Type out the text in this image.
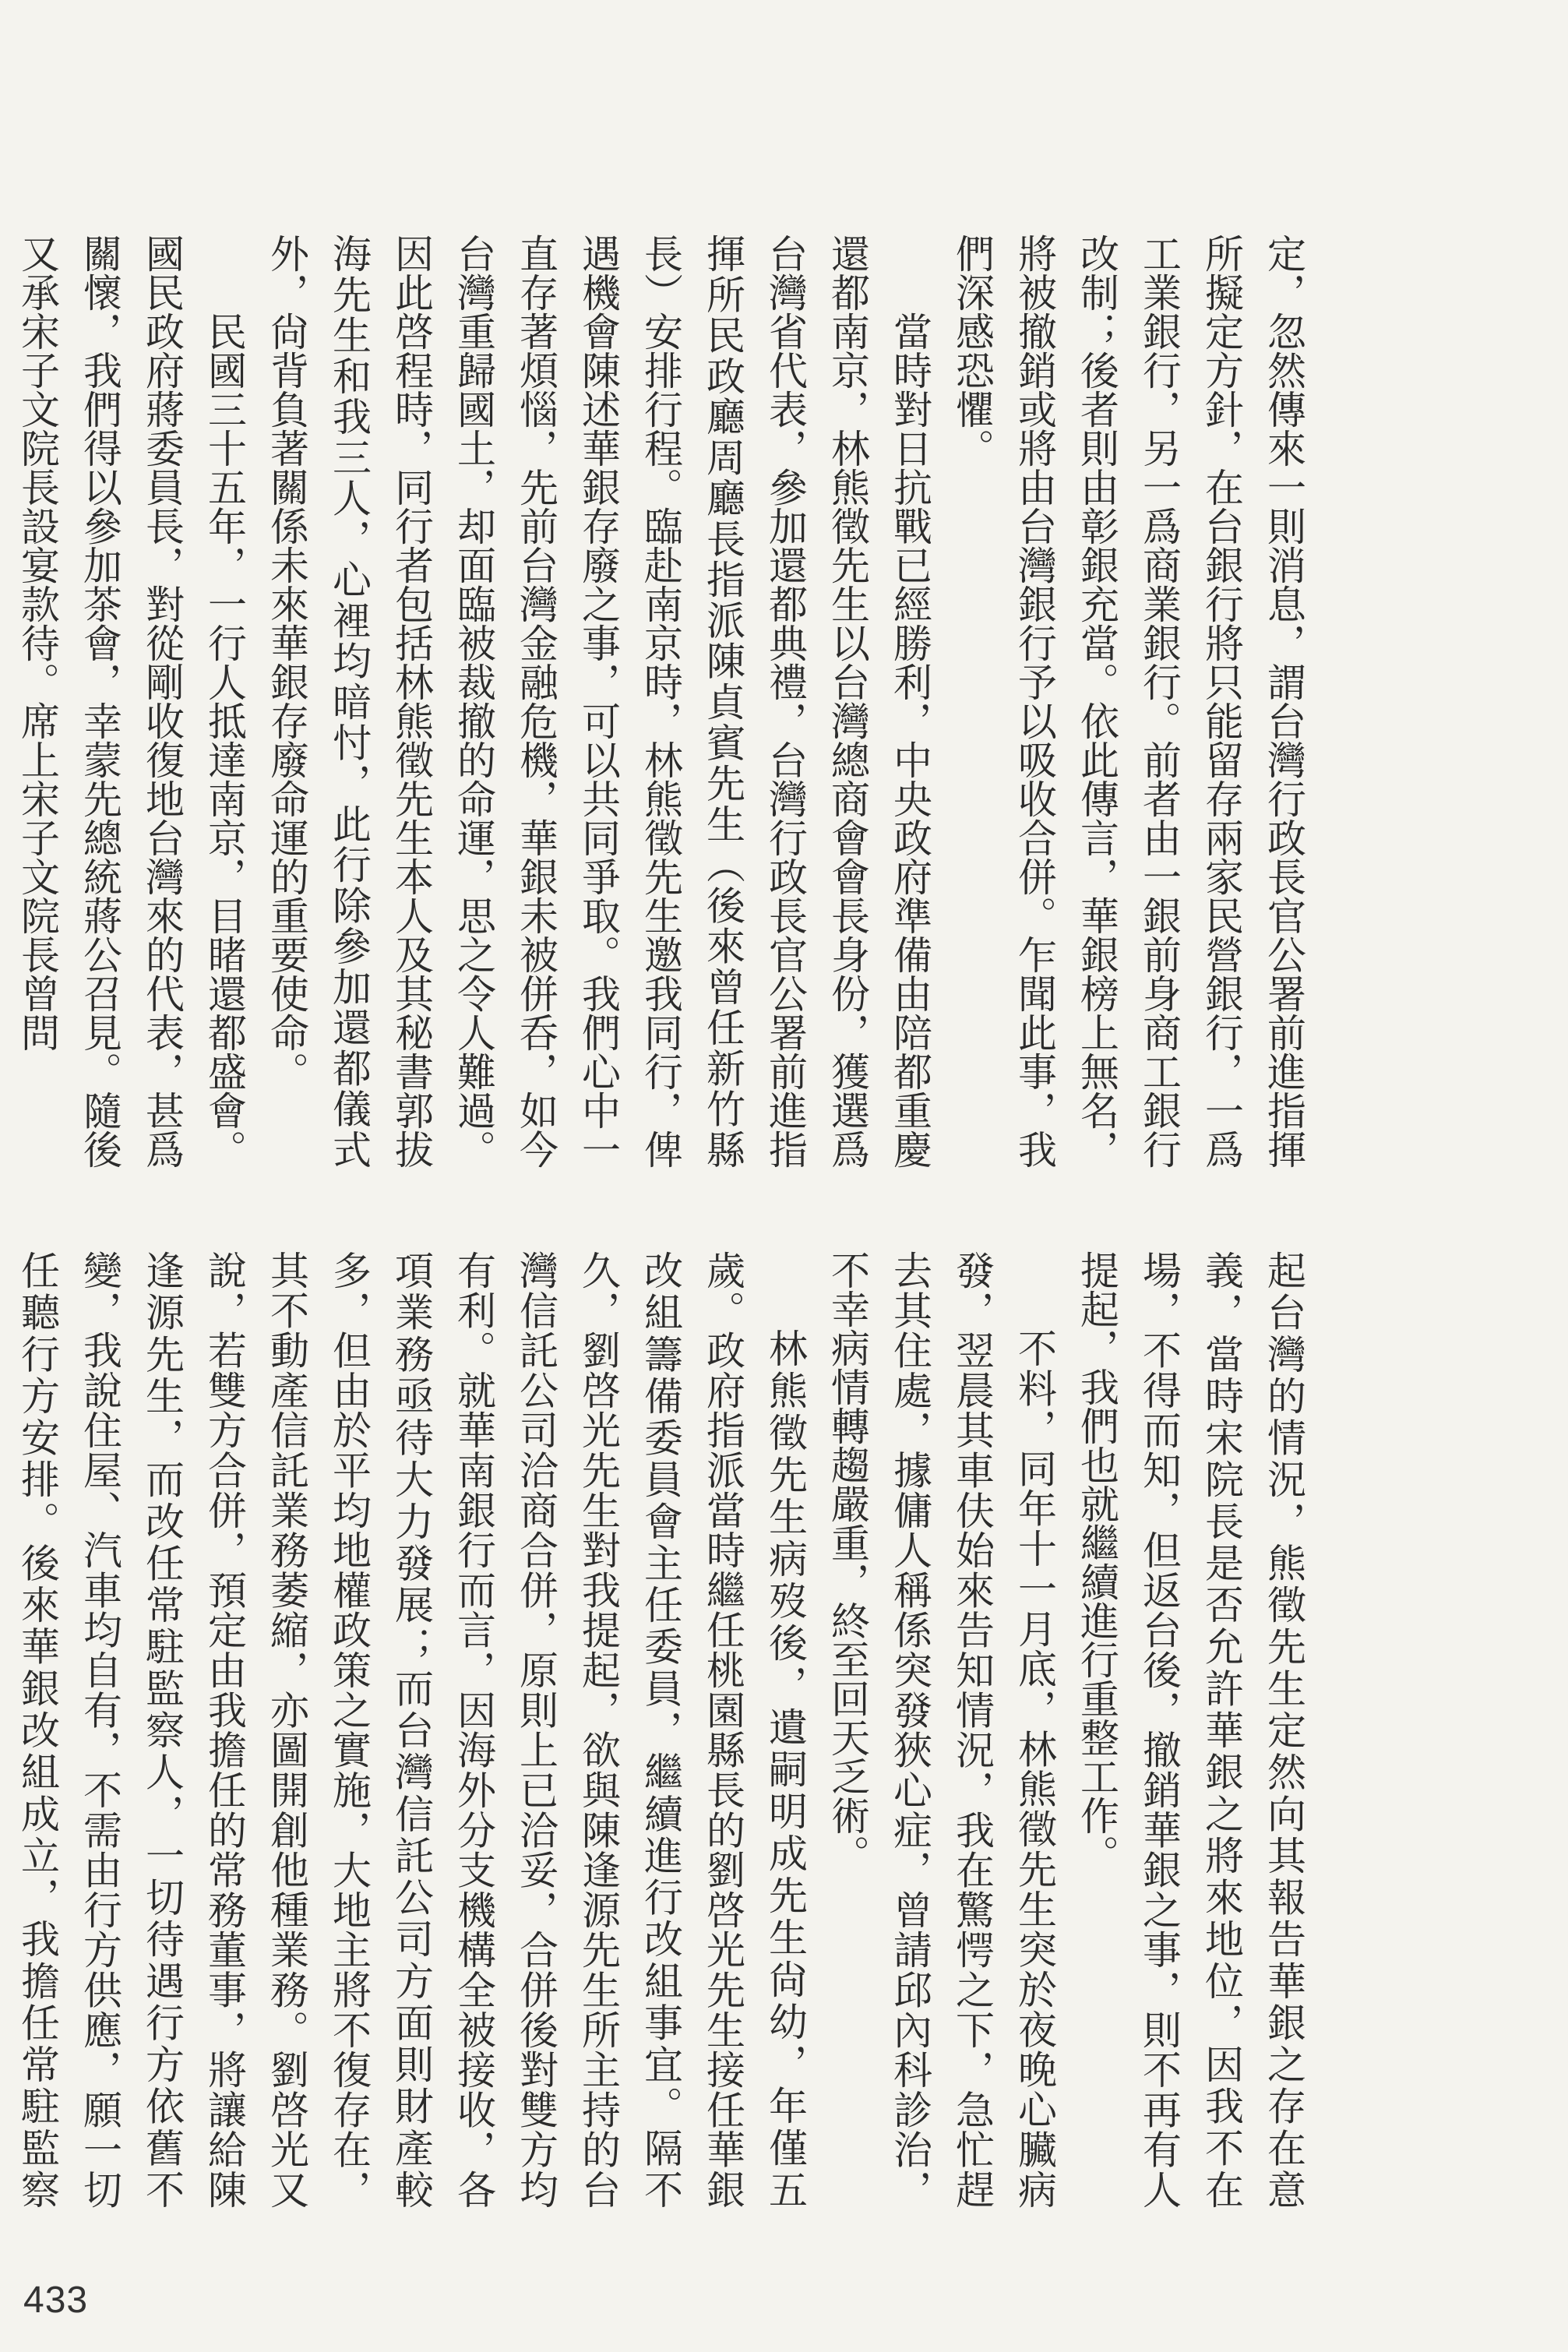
定，忽然傳來一則消息，謂台灣行政長官公署前進指揮所擬定方針，在台銀行將只能留存兩家民營銀行，一爲工業銀行，另一爲商業銀行。前者由一銀前身商工銀行改制；後者則由彰銀充當。依此傳言，華銀榜上無名，將被撤銷或將由台灣銀行予以吸收合併。乍聞此事，我們深感恐懼。

當時對日抗戰已經勝利，中央政府準備由陪都重慶還都南京，林熊徵先生以台灣總商會會長身份，獲選爲台灣省代表，參加還都典禮，台灣行政長官公署前進指揮所民政廳周廳長指派陳貞賓先生（後來曾任新竹縣長）安排行程。臨赴南京時，林熊徵先生邀我同行，俾遇機會陳述華銀存廢之事，可以共同爭取。我們心中一直存著煩惱，先前台灣金融危機，華銀未被併呑，如今台灣重歸國土，却面臨被裁撤的命運，思之令人難過。因此啓程時，同行者包括林熊徵先生本人及其秘書郭拔海先生和我三人，心裡均暗忖，此行除參加還都儀式外，尙背負著關係未來華銀存廢命運的重要使命。

民國三十五年，一行人抵達南京，目睹還都盛會。國民政府蔣委員長，對從剛收復地台灣來的代表，甚爲關懷，我們得以參加茶會，幸蒙先總統蔣公召見。隨後又承宋子文院長設宴款待。席上宋子文院長曾問

起台灣的情況，熊徵先生定然向其報告華銀之存在意義，當時宋院長是否允許華銀之將來地位，因我不在場，不得而知，但返台後，撤銷華銀之事，則不再有人提起，我們也就繼續進行重整工作。

不料，同年十一月底，林熊徵先生突於夜晚心臟病發，翌晨其車伕始來告知情況，我在驚愕之下，急忙趕去其住處，據傭人稱係突發狹心症，曾請邱內科診治，不幸病情轉趨嚴重，終至回天乏術。

林熊徵先生病歿後，遺嗣明成先生尙幼，年僅五歲。政府指派當時繼任桃園縣長的劉啓光先生接任華銀改組籌備委員會主任委員，繼續進行改組事宜。隔不久，劉啓光先生對我提起，欲與陳逢源先生所主持的台灣信託公司洽商合併，原則上已洽妥，合併後對雙方均有利。就華南銀行而言，因海外分支機構全被接收，各項業務亟待大力發展；而台灣信託公司方面則財產較多，但由於平均地權政策之實施，大地主將不復存在，其不動產信託業務萎縮，亦圖開創他種業務。劉啓光又說，若雙方合併，預定由我擔任的常務董事，將讓給陳逢源先生，而改任常駐監察人，一切待遇行方依舊不變，我說住屋、汽車均自有，不需由行方供應，願一切任聽行方安排。後來華銀改組成立，我擔任常駐監察

433
